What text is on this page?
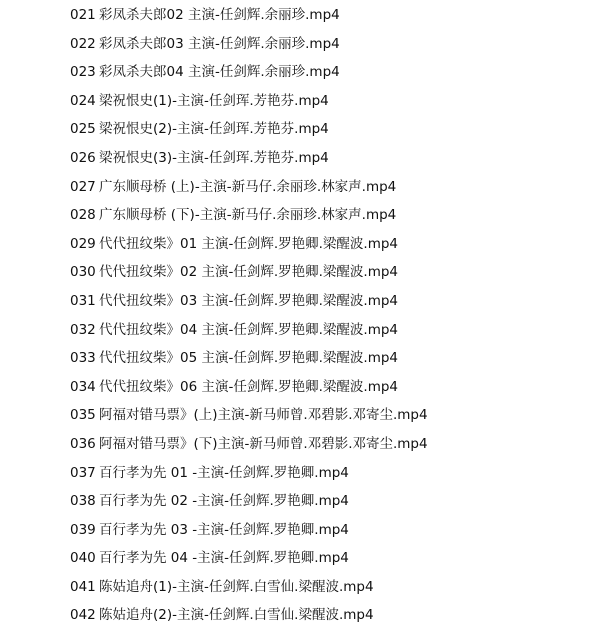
021 彩凤杀夫郎02 主演-任剑辉.余丽珍.mp4
022 彩凤杀夫郎03 主演-任剑辉.余丽珍.mp4
023 彩凤杀夫郎04 主演-任剑辉.余丽珍.mp4
024 梁祝恨史(1)-主演-任剑珲.芳艳芬.mp4
025 梁祝恨史(2)-主演-任剑珲.芳艳芬.mp4
026 梁祝恨史(3)-主演-任剑珲.芳艳芬.mp4
027 广东顺母桥 (上)-主演-新马仔.余丽珍.林家声.mp4
028 广东顺母桥 (下)-主演-新马仔.余丽珍.林家声.mp4
029 代代扭纹柴》01 主演-任剑辉.罗艳卿.梁醒波.mp4
030 代代扭纹柴》02 主演-任剑辉.罗艳卿.梁醒波.mp4
031 代代扭纹柴》03 主演-任剑辉.罗艳卿.梁醒波.mp4
032 代代扭纹柴》04 主演-任剑辉.罗艳卿.梁醒波.mp4
033 代代扭纹柴》05 主演-任剑辉.罗艳卿.梁醒波.mp4
034 代代扭纹柴》06 主演-任剑辉.罗艳卿.梁醒波.mp4
035 阿福对错马票》(上)主演-新马师曾.邓碧影.邓寄尘.mp4
036 阿福对错马票》(下)主演-新马师曾.邓碧影.邓寄尘.mp4
037 百行孝为先 01 -主演-任剑辉.罗艳卿.mp4
038 百行孝为先 02 -主演-任剑辉.罗艳卿.mp4
039 百行孝为先 03 -主演-任剑辉.罗艳卿.mp4
040 百行孝为先 04 -主演-任剑辉.罗艳卿.mp4
041 陈姑追舟(1)-主演-任剑辉.白雪仙.梁醒波.mp4
042 陈姑追舟(2)-主演-任剑辉.白雪仙.梁醒波.mp4
